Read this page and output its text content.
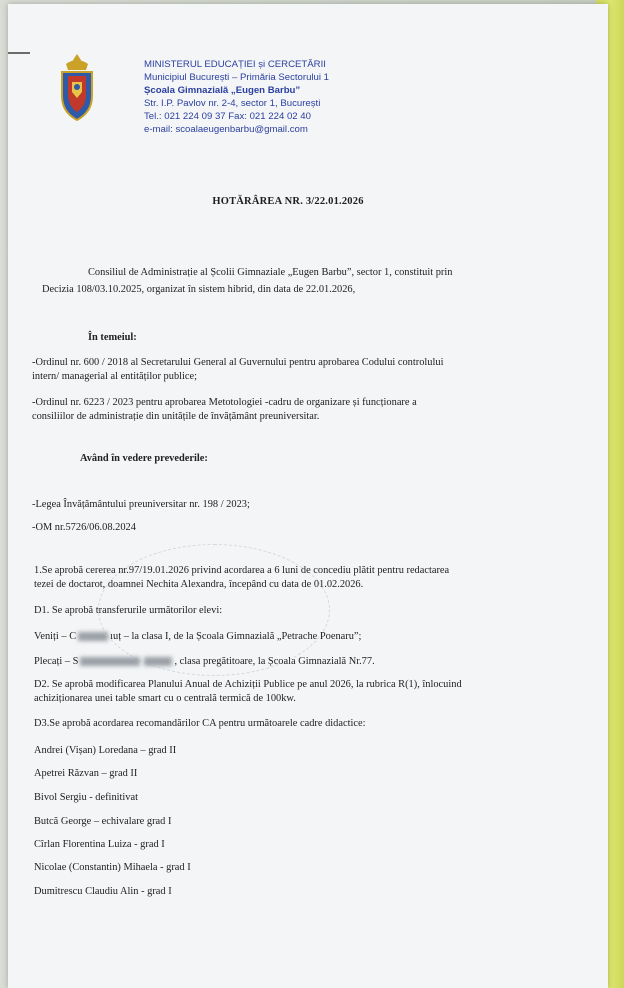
MINISTERUL EDUCAȚIEI și CERCETĂRII
Municipiul București – Primăria Sectorului 1
Școala Gimnazială „Eugen Barbu”
Str. I.P. Pavlov nr. 2-4, sector 1, București
Tel.: 021 224 09 37 Fax: 021 224 02 40
e-mail: scoalaeugenbarbu@gmail.com
HOTĂRÂREA NR. 3/22.01.2026
Consiliul de Administrație al Școlii Gimnaziale „Eugen Barbu”, sector 1, constituit prin
Decizia 108/03.10.2025, organizat în sistem hibrid, din data de 22.01.2026,
În temeiul:
-Ordinul nr. 600 / 2018 al Secretarului General al Guvernului pentru aprobarea Codului controlului
intern/ managerial al entităților publice;
-Ordinul nr. 6223 / 2023 pentru aprobarea Metotologiei -cadru de organizare și funcționare a
consiliilor de administrație din unitățile de învățământ preuniversitar.
Având în vedere prevederile:
-Legea Învățământului preuniversitar nr. 198 / 2023;
-OM nr.5726/06.08.2024
1.Se aprobă cererea nr.97/19.01.2026 privind acordarea a 6 luni de concediu plătit pentru redactarea
tezei de doctarot, doamnei Nechita Alexandra, începând cu data de 01.02.2026.
D1. Se aprobă transferurile următorilor elevi:
Veniți – C	ıuț – la clasa I, de la Școala Gimnazială „Petrache Poenaru”;
Plecați – S	, clasa pregătitoare, la Școala Gimnazială Nr.77.
D2. Se aprobă modificarea Planului Anual de Achiziții Publice pe anul 2026, la rubrica R(1), înlocuind
achiziționarea unei table smart cu o centrală termică de 100kw.
D3.Se aprobă acordarea recomandărilor CA pentru următoarele cadre didactice:
Andrei (Vișan) Loredana – grad II
Apetrei Răzvan – grad II
Bivol Sergiu - definitivat
Butcă George – echivalare grad I
Cîrlan Florentina Luiza - grad I
Nicolae (Constantin) Mihaela - grad I
Dumitrescu Claudiu Alin - grad I
